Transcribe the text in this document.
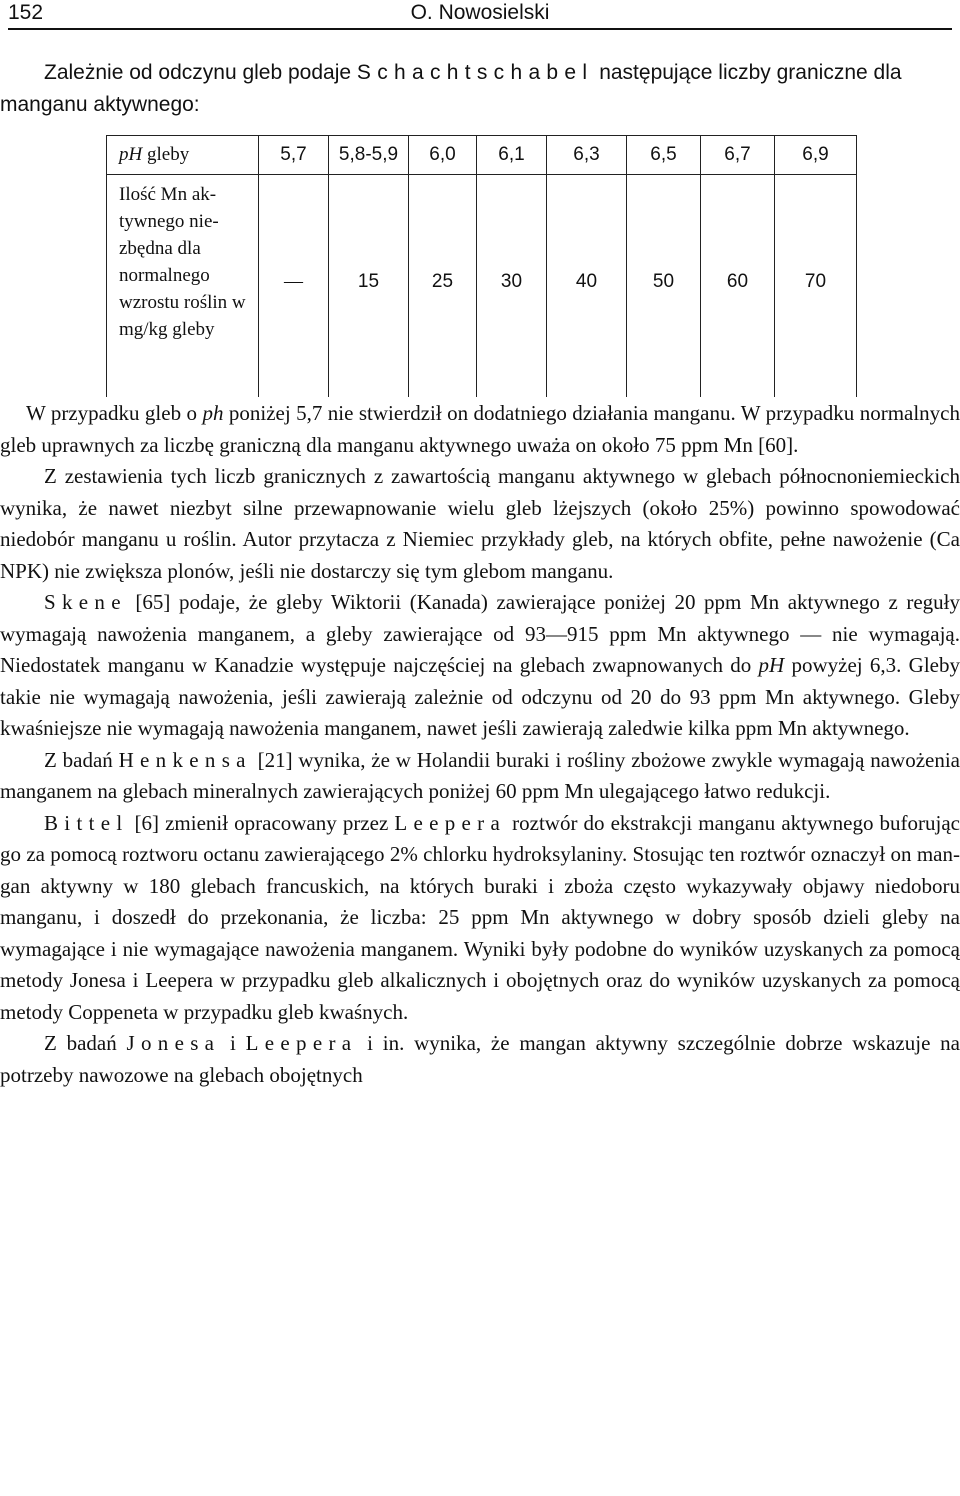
152	O. Nowosielski

Zależnie od odczynu gleb podaje Schachtschabel następujące liczby graniczne dla manganu aktywnego:

pH gleby	5,7	5,8-5,9	6,0	6,1	6,3	6,5	6,7	6,9
Ilość Mn aktywnego niezbędna dla normalnego wzrostu roślin w mg/kg gleby	—	15	25	30	40	50	60	70

W przypadku gleb o ph poniżej 5,7 nie stwierdził on dodatniego działania manganu. W przypadku normalnych gleb uprawnych za liczbę graniczną dla manganu aktywnego uważa on około 75 ppm Mn [60].

Z zestawienia tych liczb granicznych z zawartością manganu aktywnego w glebach północnoniemieckich wynika, że nawet niezbyt silne przewapnowanie wielu gleb lżejszych (około 25%) powinno spowodować niedobór manganu u roślin. Autor przytacza z Niemiec przykłady gleb, na których obfite, pełne nawożenie (Ca NPK) nie zwiększa plonów, jeśli nie dostarczy się tym glebom manganu.

Skene [65] podaje, że gleby Wiktorii (Kanada) zawierające poniżej 20 ppm Mn aktywnego z reguły wymagają nawożenia manganem, a gleby zawierające od 93—915 ppm Mn aktywnego — nie wymagają. Niedostatek manganu w Kanadzie występuje najczęściej na glebach zwapnowanych do pH powyżej 6,3. Gleby takie nie wymagają nawożenia, jeśli zawierają zależnie od odczynu od 20 do 93 ppm Mn aktywnego. Gleby kwaśniejsze nie wymagają nawożenia manganem, nawet jeśli zawierają zaledwie kilka ppm Mn aktywnego.

Z badań Henkensa [21] wynika, że w Holandii buraki i rośliny zbożowe zwykle wymagają nawożenia manganem na glebach mineralnych zawierających poniżej 60 ppm Mn ulegającego łatwo redukcji.

Bittel [6] zmienił opracowany przez Leepera roztwór do ekstrakcji manganu aktywnego buforując go za pomocą roztworu octanu zawierającego 2% chlorku hydroksylaniny. Stosując ten roztwór oznaczył on mangan aktywny w 180 glebach francuskich, na których buraki i zboża często wykazywały objawy niedoboru manganu, i doszedł do przekonania, że liczba: 25 ppm Mn aktywnego w dobry sposób dzieli gleby na wymagające i nie wymagające nawożenia manganem. Wyniki były podobne do wyników uzyskanych za pomocą metody Jonesa i Leepera w przypadku gleb alkalicznych i obojętnych oraz do wyników uzyskanych za pomocą metody Coppeneta w przypadku gleb kwaśnych.

Z badań Jonesa i Leepera i in. wynika, że mangan aktywny szczególnie dobrze wskazuje na potrzeby nawozowe na glebach obojętnych
